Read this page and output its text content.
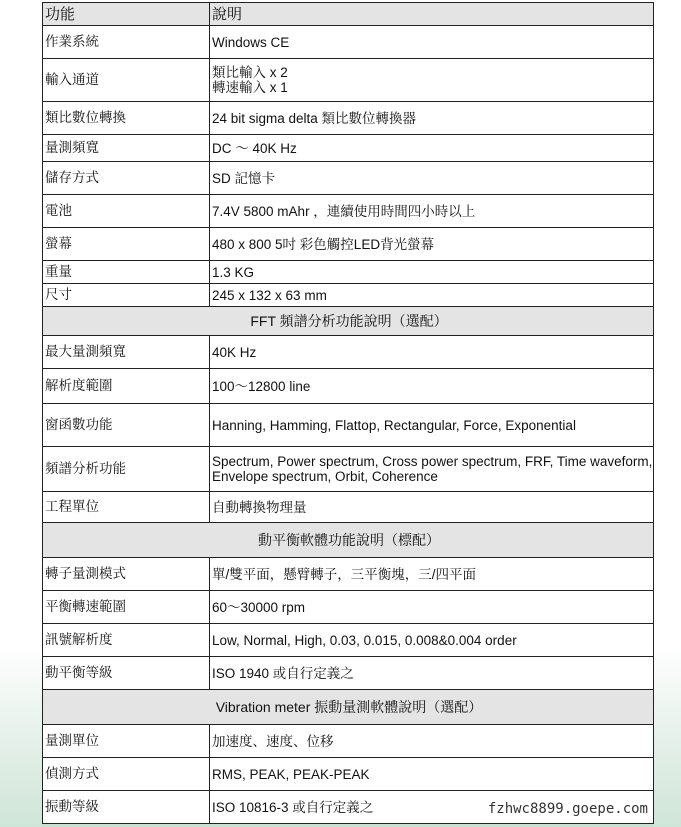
功能	說明
作業系統	Windows CE
輸入通道	類比輸入 x 2
轉速輸入 x 1
類比數位轉換	24 bit sigma delta 類比數位轉換器
量測頻寬	DC ～ 40K Hz
儲存方式	SD 記憶卡
電池	7.4V 5800 mAhr ，連續使用時間四小時以上
螢幕	480 x 800 5吋 彩色觸控LED背光螢幕
重量	1.3 KG
尺寸	245 x 132 x 63 mm
FFT 頻譜分析功能說明（選配）	
最大量測頻寬	40K Hz
解析度範圍	100～12800 line
窗函數功能	Hanning, Hamming, Flattop, Rectangular, Force, Exponential
頻譜分析功能	Spectrum, Power spectrum, Cross power spectrum, FRF, Time waveform, Envelope spectrum, Orbit, Coherence
工程單位	自動轉換物理量
動平衡軟體功能說明（標配）	
轉子量測模式	單/雙平面，懸臂轉子，三平衡塊，三/四平面
平衡轉速範圍	60～30000 rpm
訊號解析度	Low, Normal, High, 0.03, 0.015, 0.008&0.004 order
動平衡等級	ISO 1940 或自行定義之
Vibration meter 振動量測軟體說明（選配）	
量測單位	加速度、速度、位移
偵測方式	RMS, PEAK, PEAK-PEAK
振動等級	ISO 10816-3 或自行定義之	fzhwc8899.goepe.com
